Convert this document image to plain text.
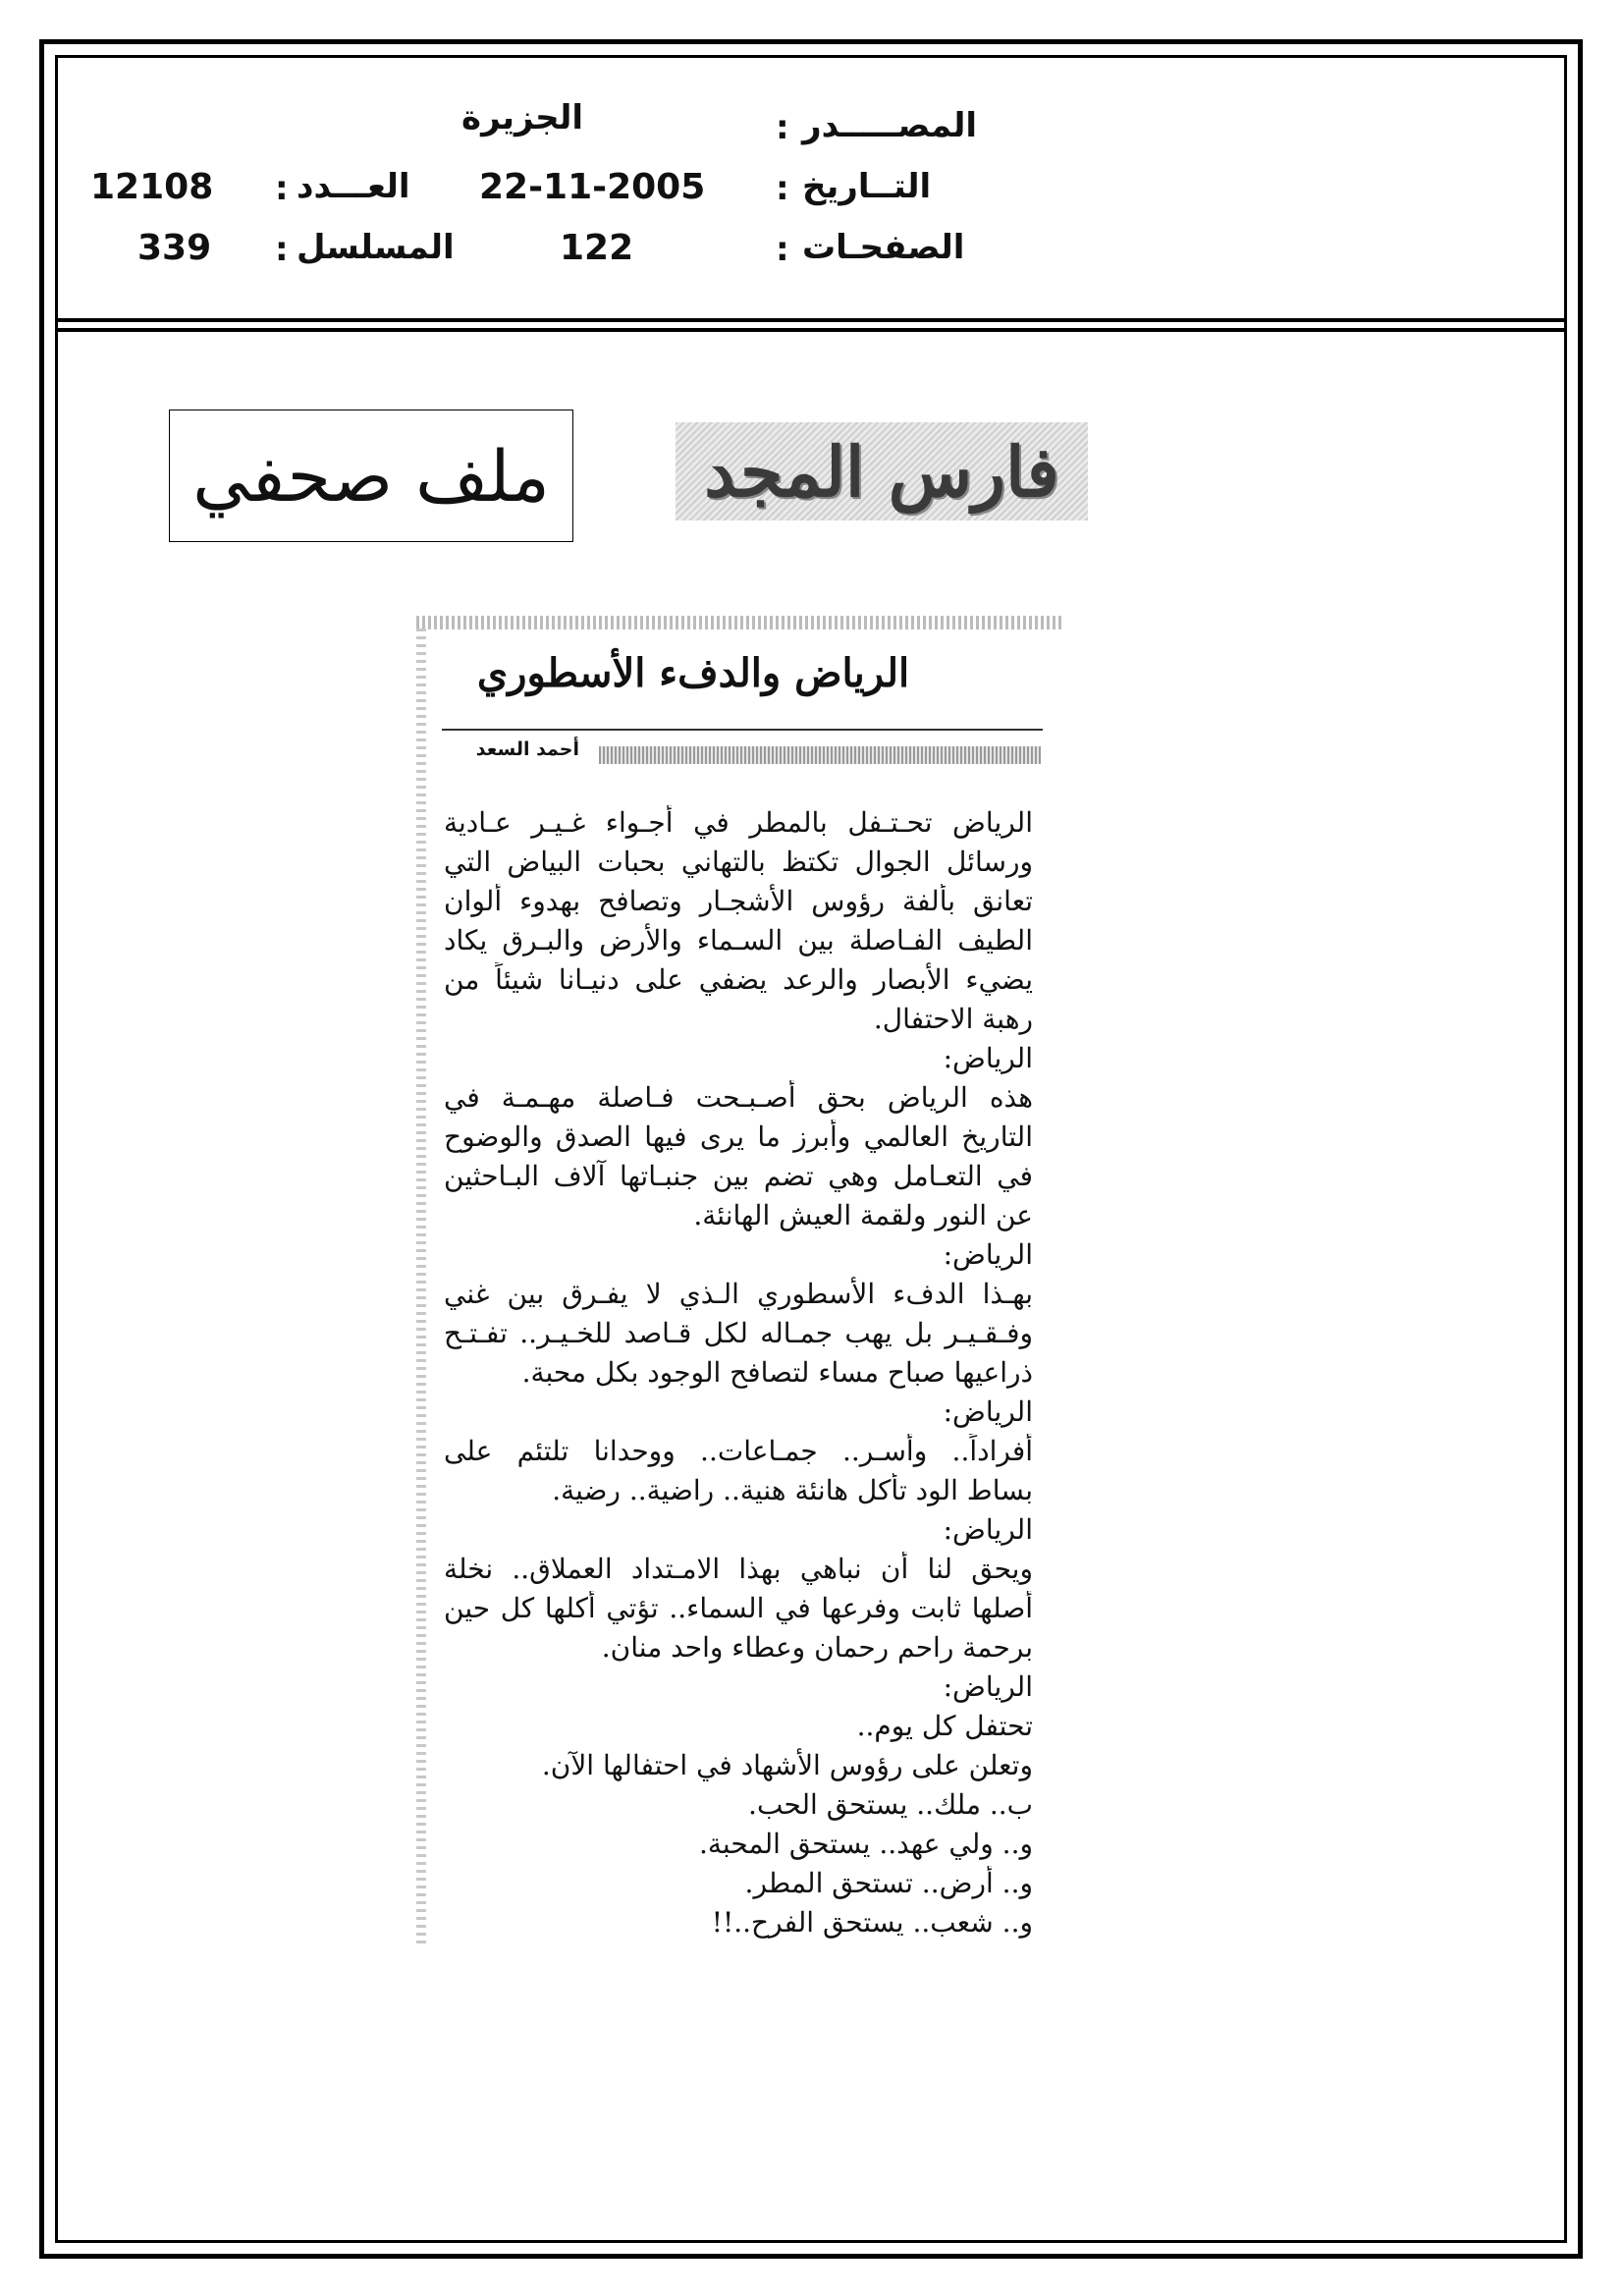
المصـــــدر
:
الجزيرة
التــاريخ
:
22-11-2005
الصفحـات
:
122
العـــدد
:
12108
المسلسل
:
339
ملف صحفي فارس المجد
الرياض والدفء الأسطوري
أحمد السعد
الرياض تحـتـفل بالمطر في أجـواء غـيـر عـادية
ورسائل الجوال تكتظ بالتهاني بحبات البياض التي
تعانق بألفة رؤوس الأشجـار وتصافح بهدوء ألوان
الطيف الفـاصلة بين السـماء والأرض والبـرق يكاد
يضيء الأبصار والرعد يضفي على دنيـانا شيئاً من
رهبة الاحتفال.
الرياض:
هذه الرياض بحق أصـبـحت فـاصلة مهـمـة في
التاريخ العالمي وأبرز ما يرى فيها الصدق والوضوح
في التعـامل وهي تضم بين جنبـاتها آلاف البـاحثين
عن النور ولقمة العيش الهانئة.
الرياض:
بهـذا الدفء الأسطوري الـذي لا يفـرق بين غني
وفـقـيـر بل يهب جمـاله لكل قـاصد للخـيـر.. تفـتـح
ذراعيها صباح مساء لتصافح الوجود بكل محبة.
الرياض:
أفراداً.. وأسـر.. جمـاعات.. ووحدانا تلتئم على
بساط الود تأكل هانئة هنية.. راضية.. رضية.
الرياض:
ويحق لنا أن نباهي بهذا الامـتداد العملاق.. نخلة
أصلها ثابت وفرعها في السماء.. تؤتي أكلها كل حين
برحمة راحم رحمان وعطاء واحد منان.
الرياض:
تحتفل كل يوم..
وتعلن على رؤوس الأشهاد في احتفالها الآن.
ب.. ملك.. يستحق الحب.
و.. ولي عهد.. يستحق المحبة.
و.. أرض.. تستحق المطر.
و.. شعب.. يستحق الفرح..!!
